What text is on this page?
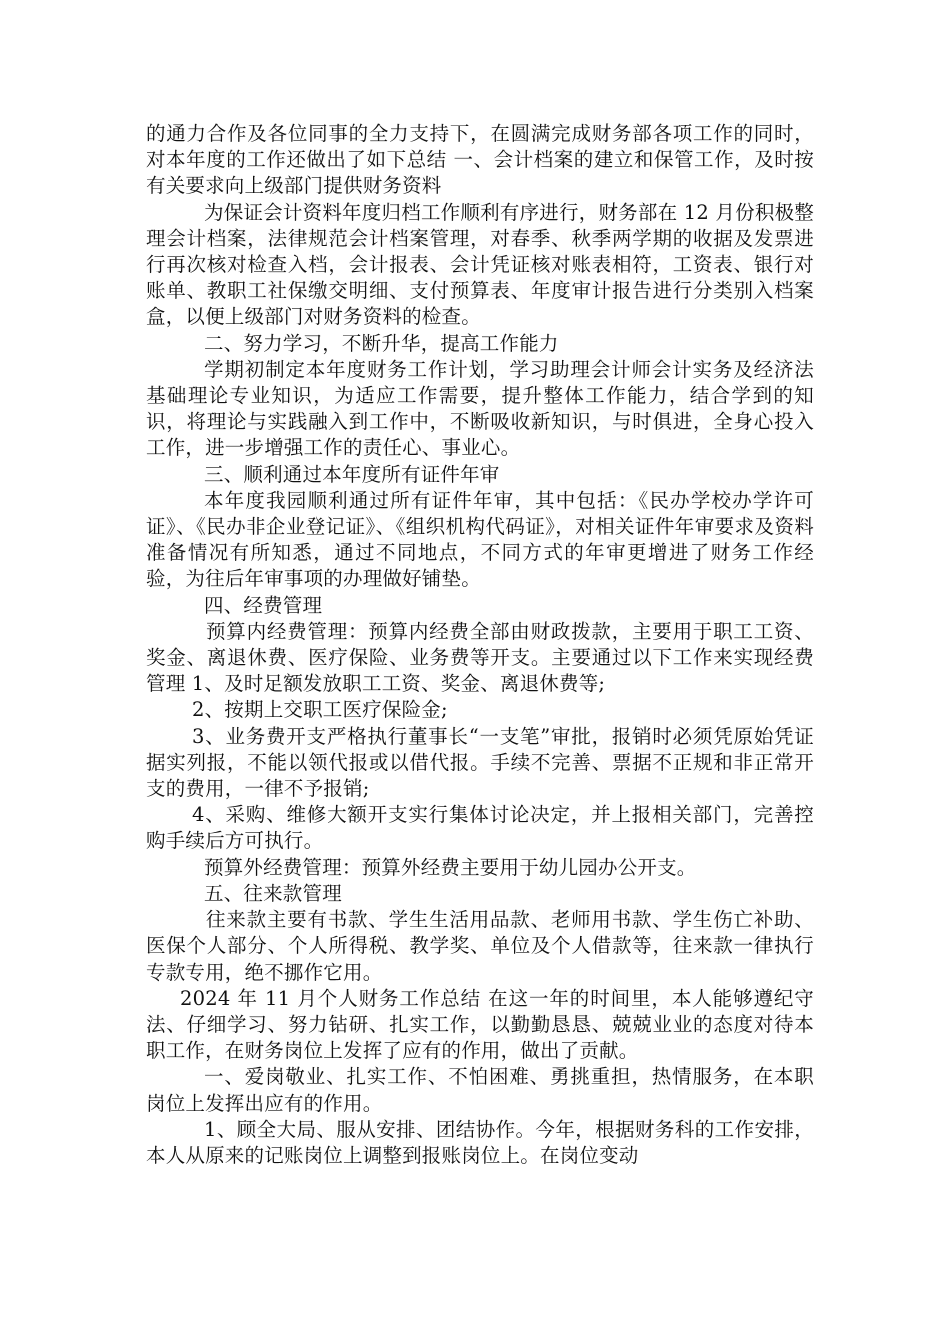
的通力合作及各位同事的全力支持下，在圆满完成财务部各项工作的同时，对本年度的工作还做出了如下总结 一、会计档案的建立和保管工作，及时按有关要求向上级部门提供财务资料

为保证会计资料年度归档工作顺利有序进行，财务部在 12 月份积极整理会计档案，法律规范会计档案管理，对春季、秋季两学期的收据及发票进行再次核对检查入档，会计报表、会计凭证核对账表相符，工资表、银行对账单、教职工社保缴交明细、支付预算表、年度审计报告进行分类别入档案盒，以便上级部门对财务资料的检查。

二、努力学习，不断升华，提高工作能力

学期初制定本年度财务工作计划，学习助理会计师会计实务及经济法基础理论专业知识，为适应工作需要，提升整体工作能力，结合学到的知识，将理论与实践融入到工作中，不断吸收新知识，与时俱进，全身心投入工作，进一步增强工作的责任心、事业心。

三、顺利通过本年度所有证件年审

本年度我园顺利通过所有证件年审，其中包括：《民办学校办学许可证》、《民办非企业登记证》、《组织机构代码证》，对相关证件年审要求及资料准备情况有所知悉，通过不同地点，不同方式的年审更增进了财务工作经验，为往后年审事项的办理做好铺垫。

四、经费管理

预算内经费管理：预算内经费全部由财政拨款，主要用于职工工资、奖金、离退休费、医疗保险、业务费等开支。主要通过以下工作来实现经费管理 1、及时足额发放职工工资、奖金、离退休费等;

2、按期上交职工医疗保险金;

3、业务费开支严格执行董事长“一支笔”审批，报销时必须凭原始凭证据实列报，不能以领代报或以借代报。手续不完善、票据不正规和非正常开支的费用，一律不予报销;

4、采购、维修大额开支实行集体讨论决定，并上报相关部门，完善控购手续后方可执行。

预算外经费管理：预算外经费主要用于幼儿园办公开支。

五、往来款管理

往来款主要有书款、学生生活用品款、老师用书款、学生伤亡补助、医保个人部分、个人所得税、教学奖、单位及个人借款等，往来款一律执行专款专用，绝不挪作它用。

2024 年 11 月个人财务工作总结 在这一年的时间里，本人能够遵纪守法、仔细学习、努力钻研、扎实工作，以勤勤恳恳、兢兢业业的态度对待本职工作，在财务岗位上发挥了应有的作用，做出了贡献。

一、爱岗敬业、扎实工作、不怕困难、勇挑重担，热情服务，在本职岗位上发挥出应有的作用。

1、顾全大局、服从安排、团结协作。今年，根据财务科的工作安排，本人从原来的记账岗位上调整到报账岗位上。在岗位变动
